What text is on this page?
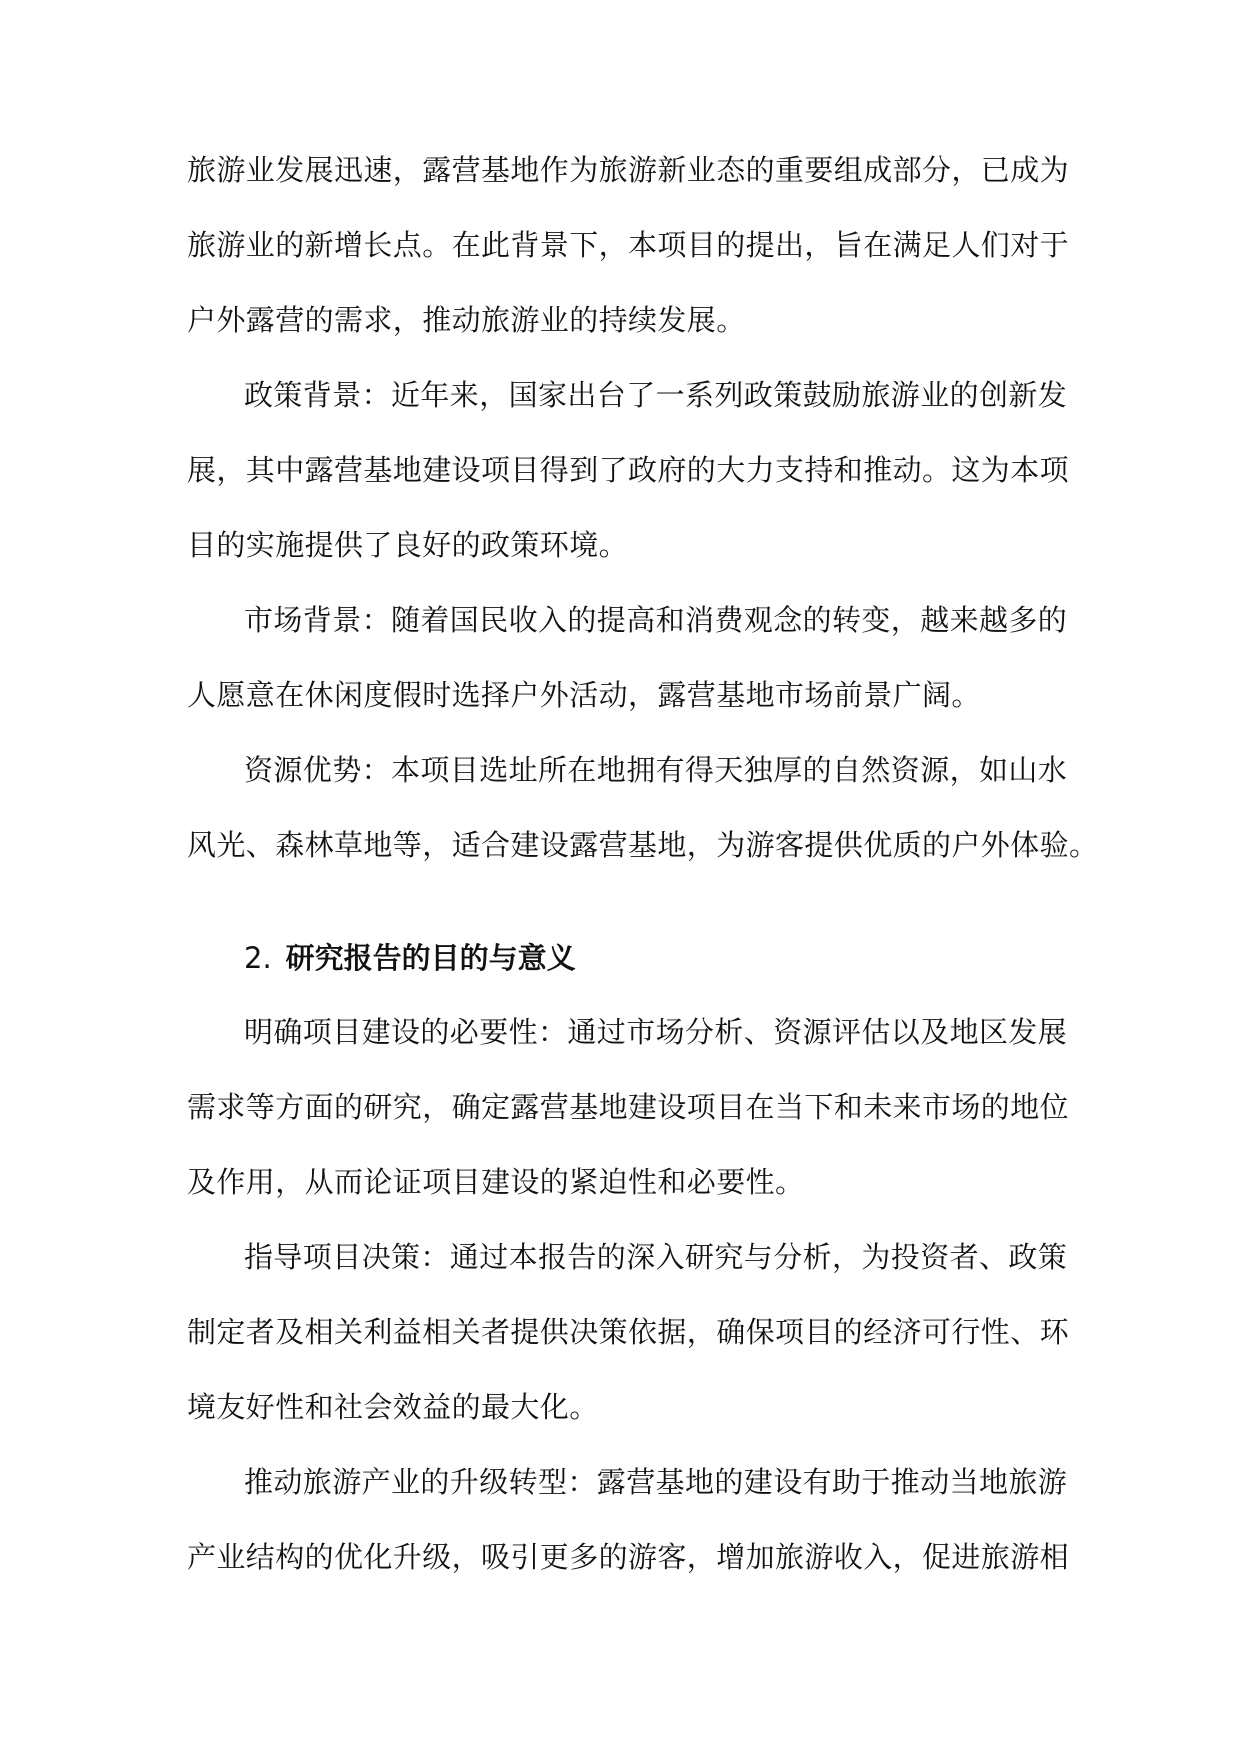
旅游业发展迅速，露营基地作为旅游新业态的重要组成部分，已成为
旅游业的新增长点。在此背景下，本项目的提出，旨在满足人们对于
户外露营的需求，推动旅游业的持续发展。
政策背景：近年来，国家出台了一系列政策鼓励旅游业的创新发
展，其中露营基地建设项目得到了政府的大力支持和推动。这为本项
目的实施提供了良好的政策环境。
市场背景：随着国民收入的提高和消费观念的转变，越来越多的
人愿意在休闲度假时选择户外活动，露营基地市场前景广阔。
资源优势：本项目选址所在地拥有得天独厚的自然资源，如山水
风光、森林草地等，适合建设露营基地，为游客提供优质的户外体验。
2. 研究报告的目的与意义
明确项目建设的必要性：通过市场分析、资源评估以及地区发展
需求等方面的研究，确定露营基地建设项目在当下和未来市场的地位
及作用，从而论证项目建设的紧迫性和必要性。
指导项目决策：通过本报告的深入研究与分析，为投资者、政策
制定者及相关利益相关者提供决策依据，确保项目的经济可行性、环
境友好性和社会效益的最大化。
推动旅游产业的升级转型：露营基地的建设有助于推动当地旅游
产业结构的优化升级，吸引更多的游客，增加旅游收入，促进旅游相
